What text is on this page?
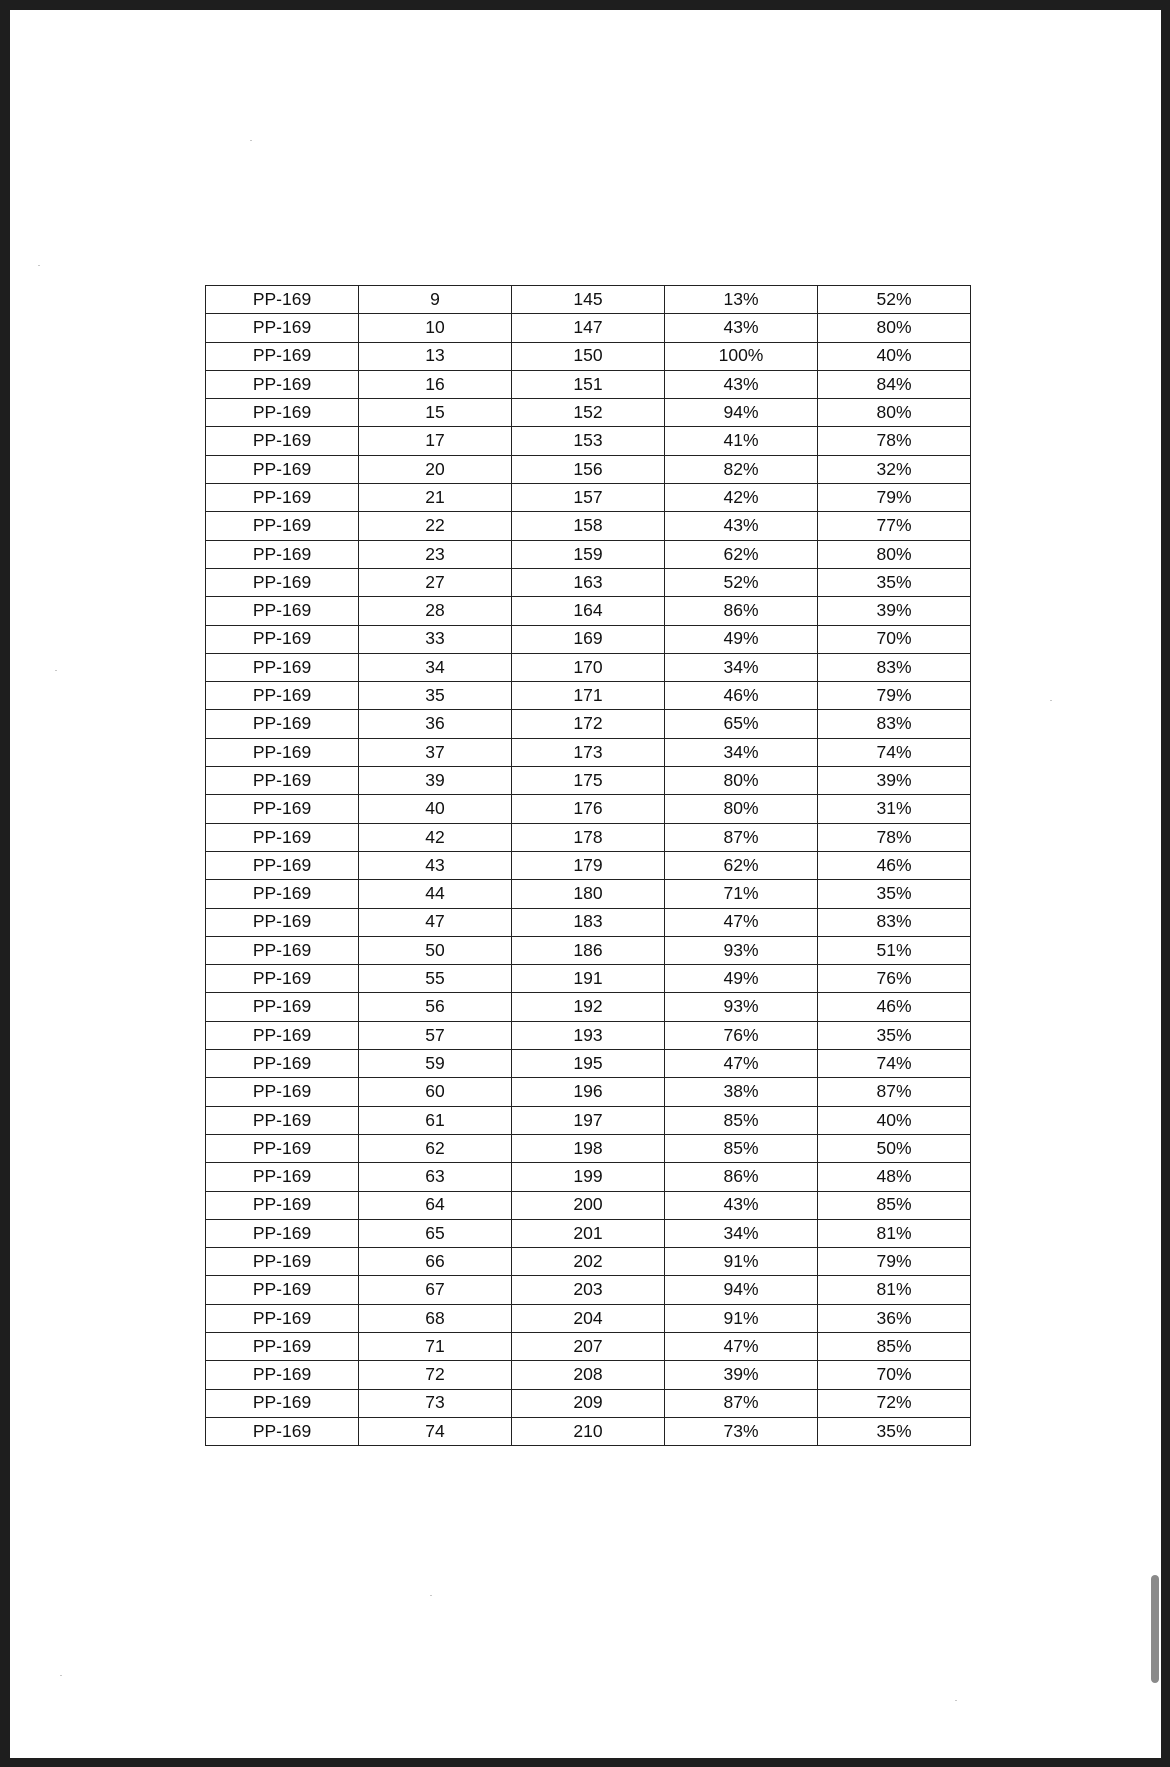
PP-169	9	145	13%	52%
PP-169	10	147	43%	80%
PP-169	13	150	100%	40%
PP-169	16	151	43%	84%
PP-169	15	152	94%	80%
PP-169	17	153	41%	78%
PP-169	20	156	82%	32%
PP-169	21	157	42%	79%
PP-169	22	158	43%	77%
PP-169	23	159	62%	80%
PP-169	27	163	52%	35%
PP-169	28	164	86%	39%
PP-169	33	169	49%	70%
PP-169	34	170	34%	83%
PP-169	35	171	46%	79%
PP-169	36	172	65%	83%
PP-169	37	173	34%	74%
PP-169	39	175	80%	39%
PP-169	40	176	80%	31%
PP-169	42	178	87%	78%
PP-169	43	179	62%	46%
PP-169	44	180	71%	35%
PP-169	47	183	47%	83%
PP-169	50	186	93%	51%
PP-169	55	191	49%	76%
PP-169	56	192	93%	46%
PP-169	57	193	76%	35%
PP-169	59	195	47%	74%
PP-169	60	196	38%	87%
PP-169	61	197	85%	40%
PP-169	62	198	85%	50%
PP-169	63	199	86%	48%
PP-169	64	200	43%	85%
PP-169	65	201	34%	81%
PP-169	66	202	91%	79%
PP-169	67	203	94%	81%
PP-169	68	204	91%	36%
PP-169	71	207	47%	85%
PP-169	72	208	39%	70%
PP-169	73	209	87%	72%
PP-169	74	210	73%	35%
